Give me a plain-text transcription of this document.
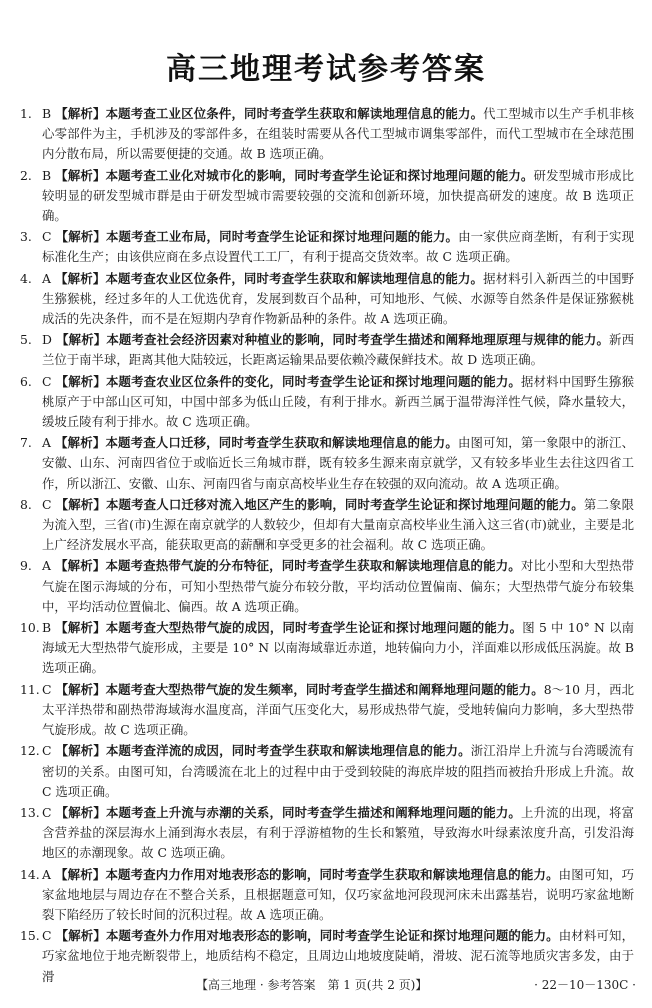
高三地理考试参考答案
1. B 【解析】本题考查工业区位条件，同时考查学生获取和解读地理信息的能力。代工型城市以生产手机非核心零部件为主，手机涉及的零部件多，在组装时需要从各代工型城市调集零部件，而代工型城市在全球范围内分散布局，所以需要便捷的交通。故 B 选项正确。
2. B 【解析】本题考查工业化对城市化的影响，同时考查学生论证和探讨地理问题的能力。研发型城市形成比较明显的研发型城市群是由于研发型城市需要较强的交流和创新环境，加快提高研发的速度。故 B 选项正确。
3. C 【解析】本题考查工业布局，同时考查学生论证和探讨地理问题的能力。由一家供应商垄断，有利于实现标准化生产；由该供应商在多点设置代工工厂，有利于提高交货效率。故 C 选项正确。
4. A 【解析】本题考查农业区位条件，同时考查学生获取和解读地理信息的能力。据材料引入新西兰的中国野生猕猴桃，经过多年的人工优选优育，发展到数百个品种，可知地形、气候、水源等自然条件是保证猕猴桃成活的先决条件，而不是在短期内孕育作物新品种的条件。故 A 选项正确。
5. D 【解析】本题考查社会经济因素对种植业的影响，同时考查学生描述和阐释地理原理与规律的能力。新西兰位于南半球，距离其他大陆较远，长距离运输果品要依赖冷藏保鲜技术。故 D 选项正确。
6. C 【解析】本题考查农业区位条件的变化，同时考查学生论证和探讨地理问题的能力。据材料中国野生猕猴桃原产于中部山区可知，中国中部多为低山丘陵，有利于排水。新西兰属于温带海洋性气候，降水量较大，缓坡丘陵有利于排水。故 C 选项正确。
7. A 【解析】本题考查人口迁移，同时考查学生获取和解读地理信息的能力。由图可知，第一象限中的浙江、安徽、山东、河南四省位于或临近长三角城市群，既有较多生源来南京就学，又有较多毕业生去往这四省工作，所以浙江、安徽、山东、河南四省与南京高校毕业生存在较强的双向流动。故 A 选项正确。
8. C 【解析】本题考查人口迁移对流入地区产生的影响，同时考查学生论证和探讨地理问题的能力。第二象限为流入型，三省(市)生源在南京就学的人数较少，但却有大量南京高校毕业生涌入这三省(市)就业，主要是北上广经济发展水平高，能获取更高的薪酬和享受更多的社会福利。故 C 选项正确。
9. A 【解析】本题考查热带气旋的分布特征，同时考查学生获取和解读地理信息的能力。对比小型和大型热带气旋在图示海域的分布，可知小型热带气旋分布较分散，平均活动位置偏南、偏东；大型热带气旋分布较集中，平均活动位置偏北、偏西。故 A 选项正确。
10. B 【解析】本题考查大型热带气旋的成因，同时考查学生论证和探讨地理问题的能力。图 5 中 10° N 以南海域无大型热带气旋形成，主要是 10° N 以南海域靠近赤道，地转偏向力小，洋面难以形成低压涡旋。故 B 选项正确。
11. C 【解析】本题考查大型热带气旋的发生频率，同时考查学生描述和阐释地理问题的能力。8～10 月，西北太平洋热带和副热带海域海水温度高，洋面气压变化大，易形成热带气旋，受地转偏向力影响，多大型热带气旋形成。故 C 选项正确。
12. C 【解析】本题考查洋流的成因，同时考查学生获取和解读地理信息的能力。浙江沿岸上升流与台湾暖流有密切的关系。由图可知，台湾暖流在北上的过程中由于受到较陡的海底岸坡的阻挡而被抬升形成上升流。故 C 选项正确。
13. C 【解析】本题考查上升流与赤潮的关系，同时考查学生描述和阐释地理问题的能力。上升流的出现，将富含营养盐的深层海水上涌到海水表层，有利于浮游植物的生长和繁殖，导致海水叶绿素浓度升高，引发沿海地区的赤潮现象。故 C 选项正确。
14. A 【解析】本题考查内力作用对地表形态的影响，同时考查学生获取和解读地理信息的能力。由图可知，巧家盆地地层与周边存在不整合关系，且根据题意可知，仅巧家盆地河段现河床未出露基岩，说明巧家盆地断裂下陷经历了较长时间的沉积过程。故 A 选项正确。
15. C 【解析】本题考查外力作用对地表形态的影响，同时考查学生论证和探讨地理问题的能力。由材料可知，巧家盆地位于地壳断裂带上，地质结构不稳定，且周边山地坡度陡峭，滑坡、泥石流等地质灾害多发，由于滑
【高三地理 · 参考答案　第 1 页(共 2 页)】	· 22－10－130C ·
